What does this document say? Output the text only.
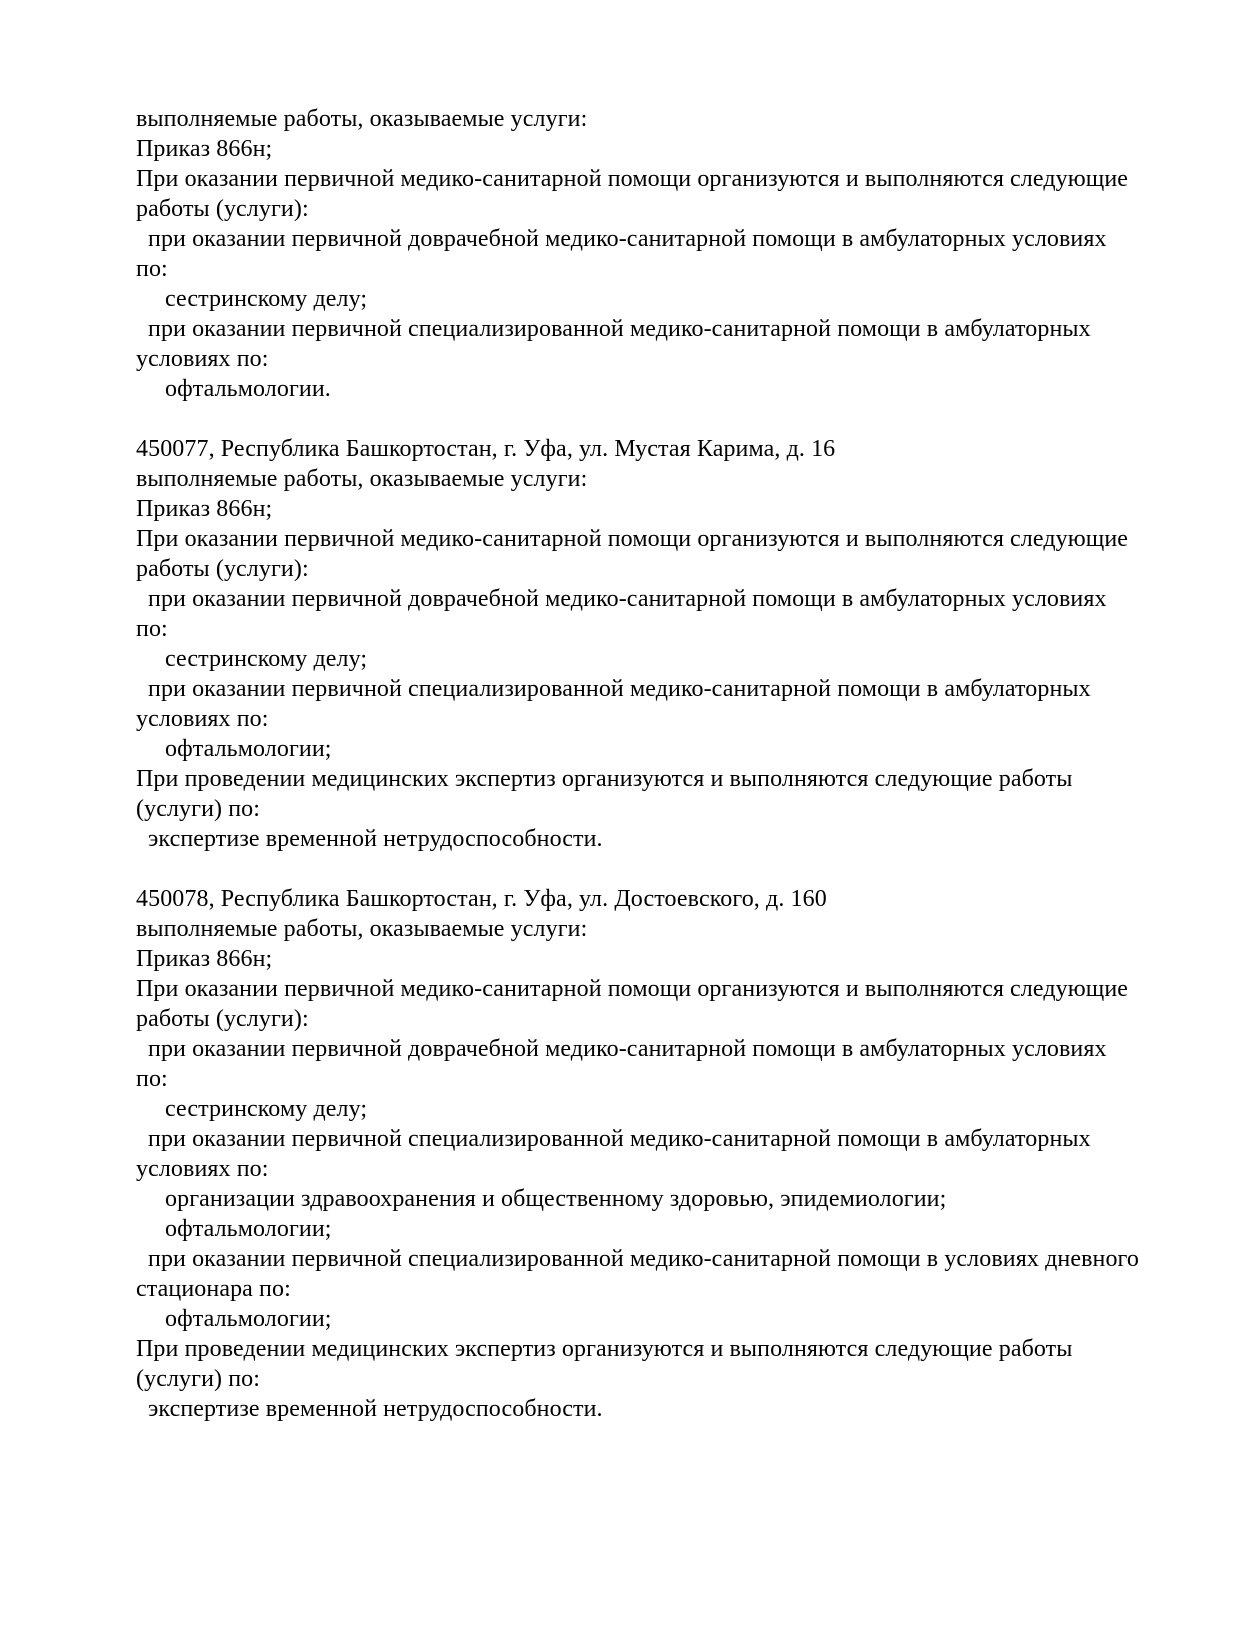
выполняемые работы, оказываемые услуги:
Приказ 866н;
При оказании первичной медико-санитарной помощи организуются и выполняются следующие
работы (услуги):
при оказании первичной доврачебной медико-санитарной помощи в амбулаторных условиях
по:
сестринскому делу;
при оказании первичной специализированной медико-санитарной помощи в амбулаторных
условиях по:
офтальмологии.
450077, Республика Башкортостан, г. Уфа, ул. Мустая Карима, д. 16
выполняемые работы, оказываемые услуги:
Приказ 866н;
При оказании первичной медико-санитарной помощи организуются и выполняются следующие
работы (услуги):
при оказании первичной доврачебной медико-санитарной помощи в амбулаторных условиях
по:
сестринскому делу;
при оказании первичной специализированной медико-санитарной помощи в амбулаторных
условиях по:
офтальмологии;
При проведении медицинских экспертиз организуются и выполняются следующие работы
(услуги) по:
экспертизе временной нетрудоспособности.
450078, Республика Башкортостан, г. Уфа, ул. Достоевского, д. 160
выполняемые работы, оказываемые услуги:
Приказ 866н;
При оказании первичной медико-санитарной помощи организуются и выполняются следующие
работы (услуги):
при оказании первичной доврачебной медико-санитарной помощи в амбулаторных условиях
по:
сестринскому делу;
при оказании первичной специализированной медико-санитарной помощи в амбулаторных
условиях по:
организации здравоохранения и общественному здоровью, эпидемиологии;
офтальмологии;
при оказании первичной специализированной медико-санитарной помощи в условиях дневного
стационара по:
офтальмологии;
При проведении медицинских экспертиз организуются и выполняются следующие работы
(услуги) по:
экспертизе временной нетрудоспособности.
